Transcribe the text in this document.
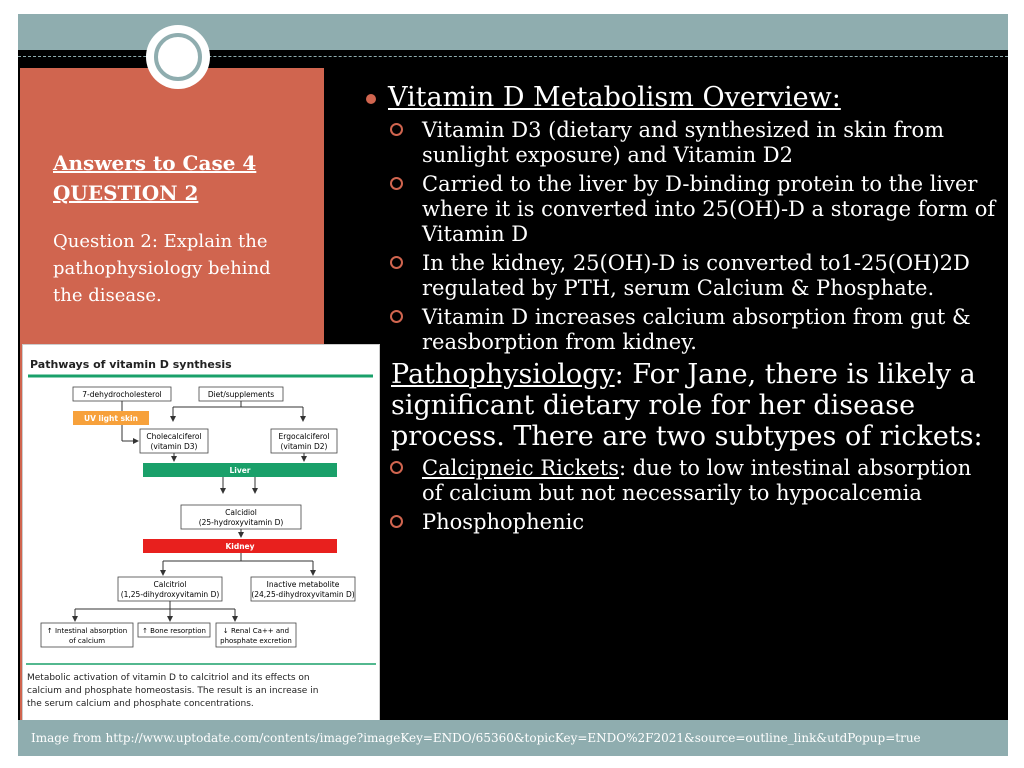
Answers to Case 4
QUESTION 2
Question 2: Explain the pathophysiology behind the disease.
Pathways of vitamin D synthesis
7-dehydrocholesterol	Diet/supplements
UV light skin
Cholecalciferol
(vitamin D3)
Ergocalciferol
(vitamin D2)
Liver
Calcidiol
(25-hydroxyvitamin D)
Kidney
Calcitriol
(1,25-dihydroxyvitamin D)
Inactive metabolite
(24,25-dihydroxyvitamin D)
↑ Intestinal absorption
of calcium
↑ Bone resorption ↓ Renal Ca++ and
phosphate excretion
Metabolic activation of vitamin D to calcitriol and its effects on
calcium and phosphate homeostasis. The result is an increase in
the serum calcium and phosphate concentrations.
Vitamin D Metabolism Overview:
Vitamin D3 (dietary and synthesized in skin from sunlight exposure) and Vitamin D2
Carried to the liver by D-binding protein to the liver where it is converted into 25(OH)-D a storage form of Vitamin D
In the kidney, 25(OH)-D is converted to1-25(OH)2D regulated by PTH, serum Calcium & Phosphate.
Vitamin D increases calcium absorption from gut & reasborption from kidney.
Pathophysiology: For Jane, there is likely a significant dietary role for her disease process. There are two subtypes of rickets:
Calcipneic Rickets: due to low intestinal absorption of calcium but not necessarily to hypocalcemia
Phosphophenic
Image from http://www.uptodate.com/contents/image?imageKey=ENDO/65360&topicKey=ENDO%2F2021&source=outline_link&utdPopup=true
